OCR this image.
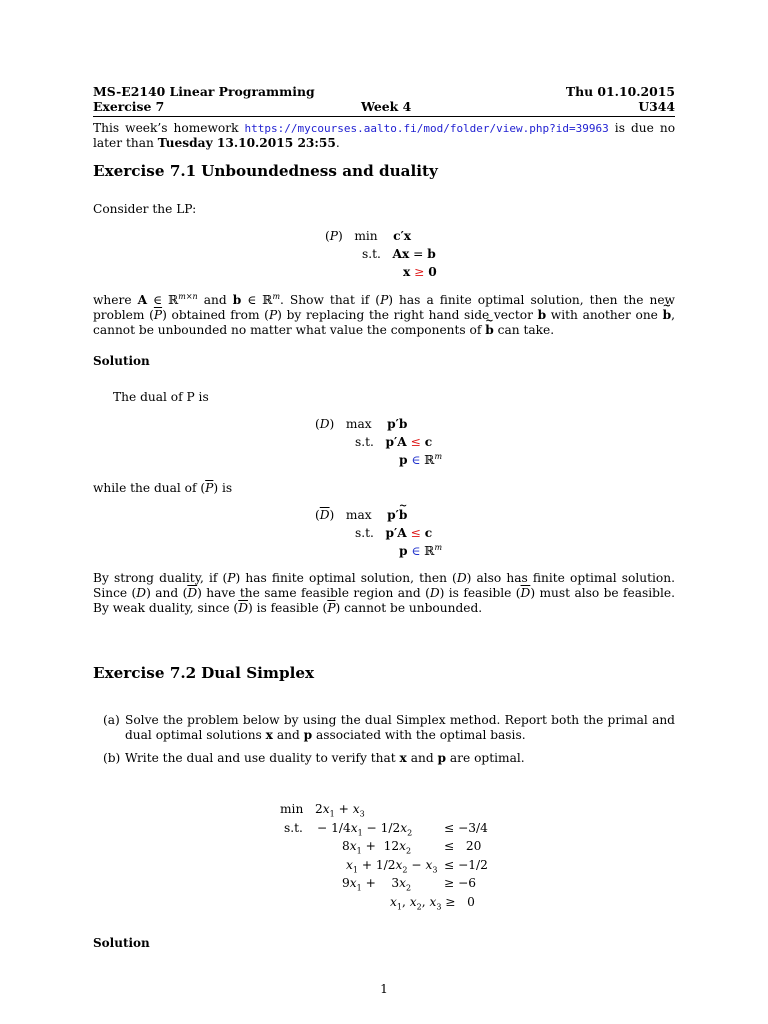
MS-E2140 Linear Programming
Exercise 7	Week 4
Thu 01.10.2015
U344
This week’s homework https://mycourses.aalto.fi/mod/folder/view.php?id=39963 is due no later than Tuesday 13.10.2015 23:55.
Exercise 7.1 Unboundedness and duality
Consider the LP:
(P)   min    c′x
s.t.   Ax = b
x ≥ 0
where A ∈ ℝ$^{m\times n}$ and b ∈ ℝ$^m$. Show that if (P) has a finite optimal solution, then the new problem $(\overline{P})$ obtained from (P) by replacing the right hand side vector b with another one ~ b, cannot be unbounded no matter what value the components of ~ b can take.
Solution
The dual of P is
(D)   max    p′b
s.t.   p′A ≤ c
p ∈ ℝ$^m$
while the dual of $(\overline{P})$ is
$(\overline{D})$   max    p′~ b
s.t.   p′A ≤ c
p ∈ ℝ$^m$
By strong duality, if (P) has finite optimal solution, then (D) also has finite optimal solution. Since (D) and $(\overline{D})$ have the same feasible region and (D) is feasible $(\overline{D})$ must also be feasible. By weak duality, since $(\overline{D})$ is feasible $(\overline{P})$ cannot be unbounded.
Exercise 7.2 Dual Simplex
(a) Solve the problem below by using the dual Simplex method. Report both the primal and dual optimal solutions x and p associated with the optimal basis.
(b) Write the dual and use duality to verify that x and p are optimal.
$\min 2x_1 + x_3$
s.t. − $1/4x_1 - 1/2x_2$	≤ −3/4
$8x_1 + 12x_2$	≤   20
$x_1 + 1/2x_2 - x_3 \le -1/2$
$9x_1$ +    $3x_2$	≥ −6
$x_1$, $x_2$, $x_3 \ge 0$
Solution
1
